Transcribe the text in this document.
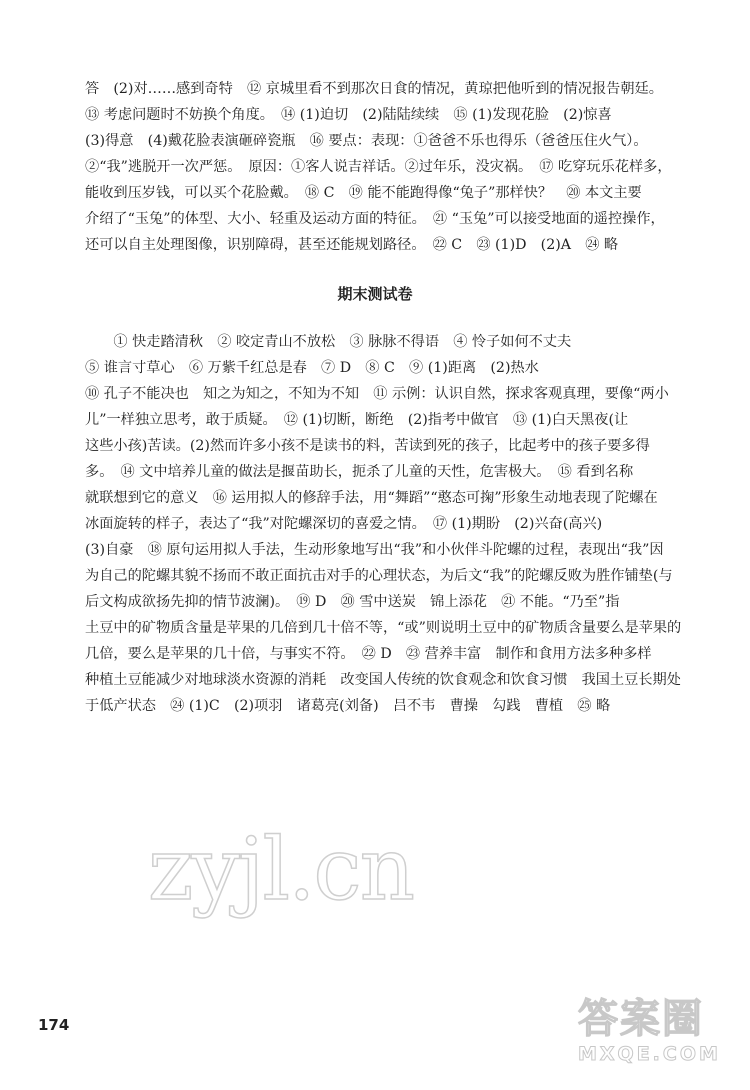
答　(2)对……感到奇特　⑫ 京城里看不到那次日食的情况，黄琼把他听到的情况报告朝廷。
⑬ 考虑问题时不妨换个角度。　⑭ (1)迫切　(2)陆陆续续　⑮ (1)发现花脸　(2)惊喜
(3)得意　(4)戴花脸表演砸碎瓷瓶　⑯ 要点：表现：①爸爸不乐也得乐（爸爸压住火气）。
②“我”逃脱开一次严惩。　原因：①客人说吉祥话。②过年乐，没灾祸。　⑰ 吃穿玩乐花样多，
能收到压岁钱，可以买个花脸戴。　⑱ C　⑲ 能不能跑得像“兔子”那样快？　⑳ 本文主要
介绍了“玉兔”的体型、大小、轻重及运动方面的特征。　㉑ “玉兔”可以接受地面的遥控操作，
还可以自主处理图像，识别障碍，甚至还能规划路径。　㉒ C　㉓ (1)D　(2)A　㉔ 略
期末测试卷
　　① 快走踏清秋　② 咬定青山不放松　③ 脉脉不得语　④ 怜子如何不丈夫
⑤ 谁言寸草心　⑥ 万紫千红总是春　⑦ D　⑧ C　⑨ (1)距离　(2)热水
⑩ 孔子不能决也　知之为知之，不知为不知　⑪ 示例：认识自然，探求客观真理，要像“两小
儿”一样独立思考，敢于质疑。　⑫ (1)切断，断绝　(2)指考中做官　⑬ (1)白天黑夜(让
这些小孩)苦读。(2)然而许多小孩不是读书的料，苦读到死的孩子，比起考中的孩子要多得
多。　⑭ 文中培养儿童的做法是揠苗助长，扼杀了儿童的天性，危害极大。　⑮ 看到名称
就联想到它的意义　⑯ 运用拟人的修辞手法，用“舞蹈”“憨态可掬”形象生动地表现了陀螺在
冰面旋转的样子，表达了“我”对陀螺深切的喜爱之情。　⑰ (1)期盼　(2)兴奋(高兴)
(3)自豪　⑱ 原句运用拟人手法，生动形象地写出“我”和小伙伴斗陀螺的过程，表现出“我”因
为自己的陀螺其貌不扬而不敢正面抗击对手的心理状态，为后文“我”的陀螺反败为胜作铺垫(与
后文构成欲扬先抑的情节波澜)。　⑲ D　⑳ 雪中送炭　锦上添花　㉑ 不能。“乃至”指
土豆中的矿物质含量是苹果的几倍到几十倍不等，“或”则说明土豆中的矿物质含量要么是苹果的
几倍，要么是苹果的几十倍，与事实不符。　㉒ D　㉓ 营养丰富　制作和食用方法多种多样
种植土豆能减少对地球淡水资源的消耗　改变国人传统的饮食观念和饮食习惯　我国土豆长期处
于低产状态　㉔ (1)C　(2)项羽　诸葛亮(刘备)　吕不韦　曹操　勾践　曹植　㉕ 略
zyjl.cn
答案圈
MXQE.COM
174
